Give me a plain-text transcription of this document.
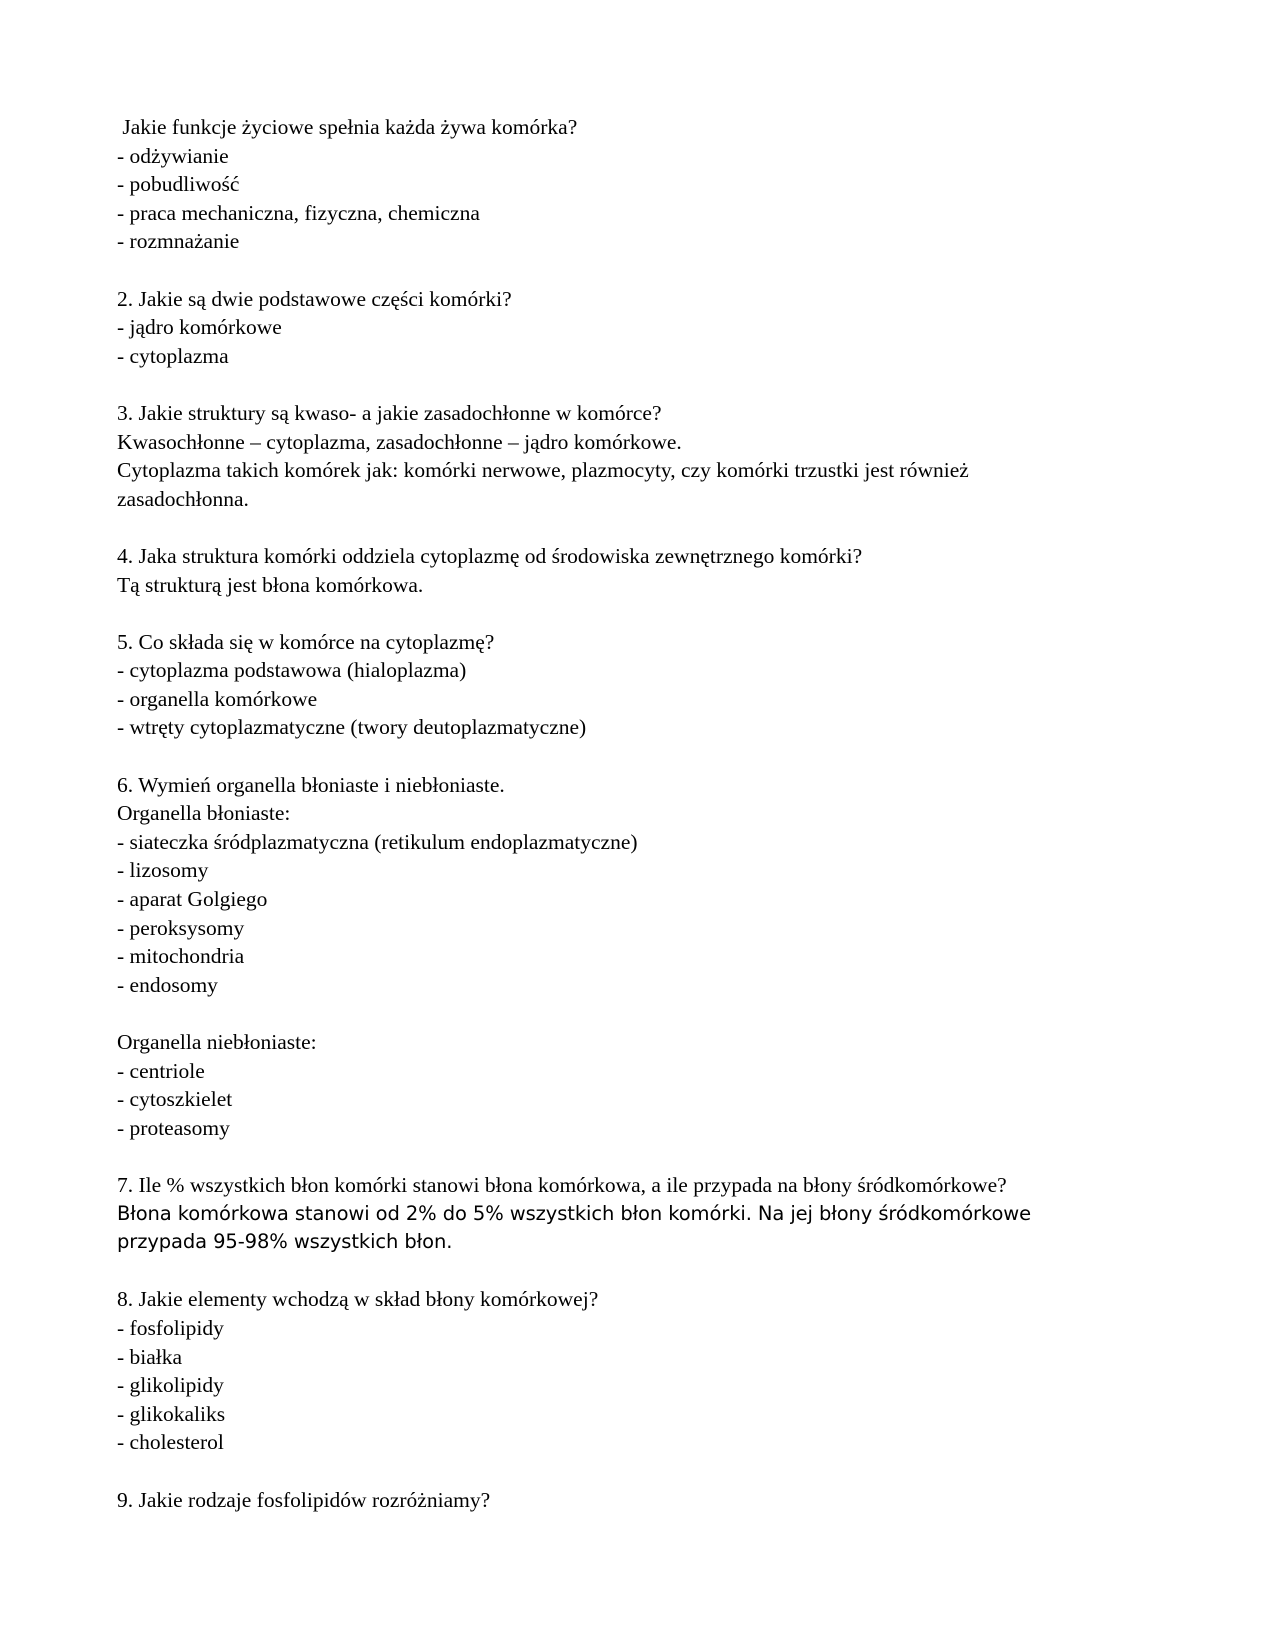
Jakie funkcje życiowe spełnia każda żywa komórka?
- odżywianie
- pobudliwość
- praca mechaniczna, fizyczna, chemiczna
- rozmnażanie
2. Jakie są dwie podstawowe części komórki?
- jądro komórkowe
- cytoplazma
3. Jakie struktury są kwaso- a jakie zasadochłonne w komórce?
Kwasochłonne – cytoplazma, zasadochłonne – jądro komórkowe.
Cytoplazma takich komórek jak: komórki nerwowe, plazmocyty, czy komórki trzustki jest również
zasadochłonna.
4. Jaka struktura komórki oddziela cytoplazmę od środowiska zewnętrznego komórki?
Tą strukturą jest błona komórkowa.
5. Co składa się w komórce na cytoplazmę?
- cytoplazma podstawowa (hialoplazma)
- organella komórkowe
- wtręty cytoplazmatyczne (twory deutoplazmatyczne)
6. Wymień organella błoniaste i niebłoniaste.
Organella błoniaste:
- siateczka śródplazmatyczna (retikulum endoplazmatyczne)
- lizosomy
- aparat Golgiego
- peroksysomy
- mitochondria
- endosomy
Organella niebłoniaste:
- centriole
- cytoszkielet
- proteasomy
7. Ile % wszystkich błon komórki stanowi błona komórkowa, a ile przypada na błony śródkomórkowe?
Błona komórkowa stanowi od 2% do 5% wszystkich błon komórki. Na jej błony śródkomórkowe
przypada 95-98% wszystkich błon.
8. Jakie elementy wchodzą w skład błony komórkowej?
- fosfolipidy
- białka
- glikolipidy
- glikokaliks
- cholesterol
9. Jakie rodzaje fosfolipidów rozróżniamy?
